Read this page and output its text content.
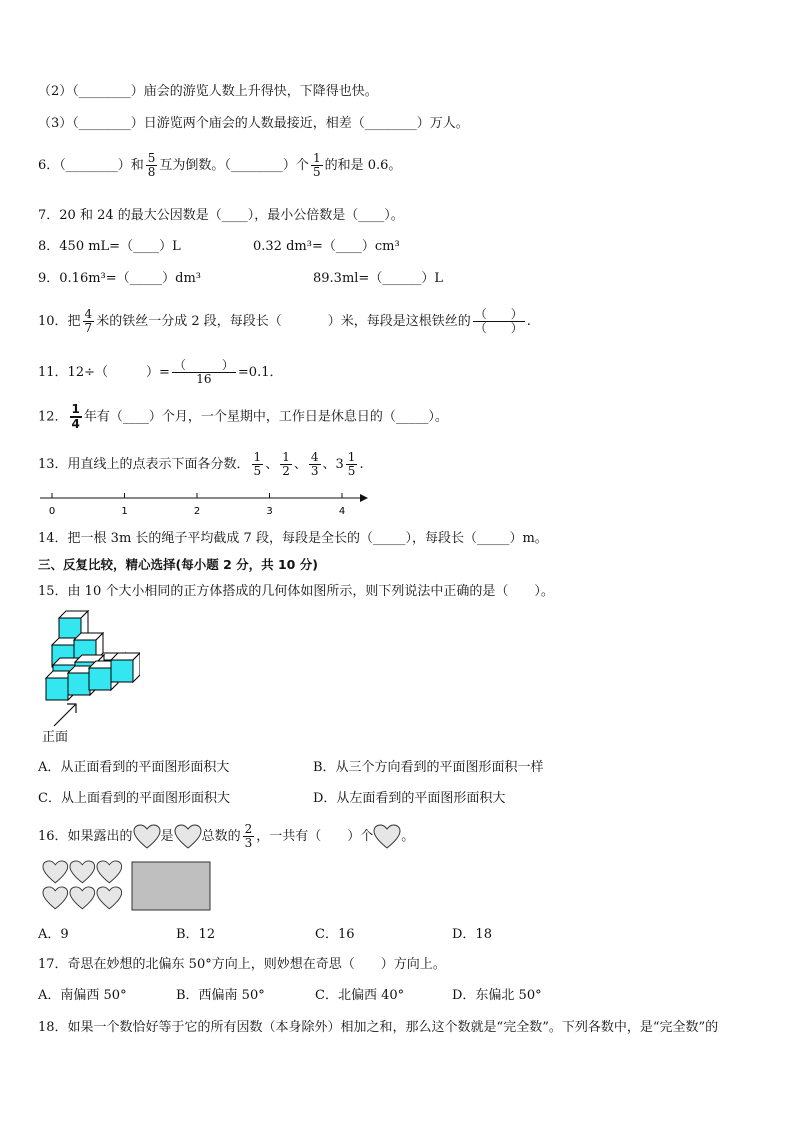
（2）（________）庙会的游览人数上升得快，下降得也快。
（3）（________）日游览两个庙会的人数最接近，相差（________）万人。
6．（________）和 $\frac{5}{8}$ 互为倒数。（________）个 $\frac{1}{5}$ 的和是 0.6。
7．20 和 24 的最大公因数是（____），最小公倍数是（____）。
8．450 mL=（____）L	0.32 dm³=（____）cm³
9．0.16m³=（_____）dm³	89.3ml=（______）L
10．把 $\frac{4}{7}$ 米的铁丝一分成 2 段，每段长（	）米，每段是这根铁丝的 $\frac{( )}{( )}$ .
11．12÷（	）= $\frac{( )}{16} =0.1$．
12． $\frac{1}{4}$ 年有（____）个月，一个星期中，工作日是休息日的（_____）。
13．用直线上的点表示下面各分数． $\frac{1}{5}$ 、 $\frac{1}{2}$ 、 $\frac{4}{3}$ 、$3 \frac{1}{5}$ .
0	1	2	3	4
14．把一根 3m 长的绳子平均截成 7 段，每段是全长的（_____），每段长（_____）m。
三、反复比较，精心选择(每小题 2 分，共 10 分)
15．由 10 个大小相同的正方体搭成的几何体如图所示，则下列说法中正确的是（　　）。
正面
A．从正面看到的平面图形面积大	B．从三个方向看到的平面图形面积一样
C．从上面看到的平面图形面积大	D．从左面看到的平面图形面积大
16．如果露出的 是 总数的 $\frac{2}{3}$ ，一共有（　　）个 。
A．9	B．12	C．16	D．18
17．奇思在妙想的北偏东 50°方向上，则妙想在奇思（　　）方向上。
A．南偏西 50°	B．西偏南 50°	C．北偏西 40°	D．东偏北 50°
18．如果一个数恰好等于它的所有因数（本身除外）相加之和，那么这个数就是“完全数”。下列各数中，是“完全数”的
